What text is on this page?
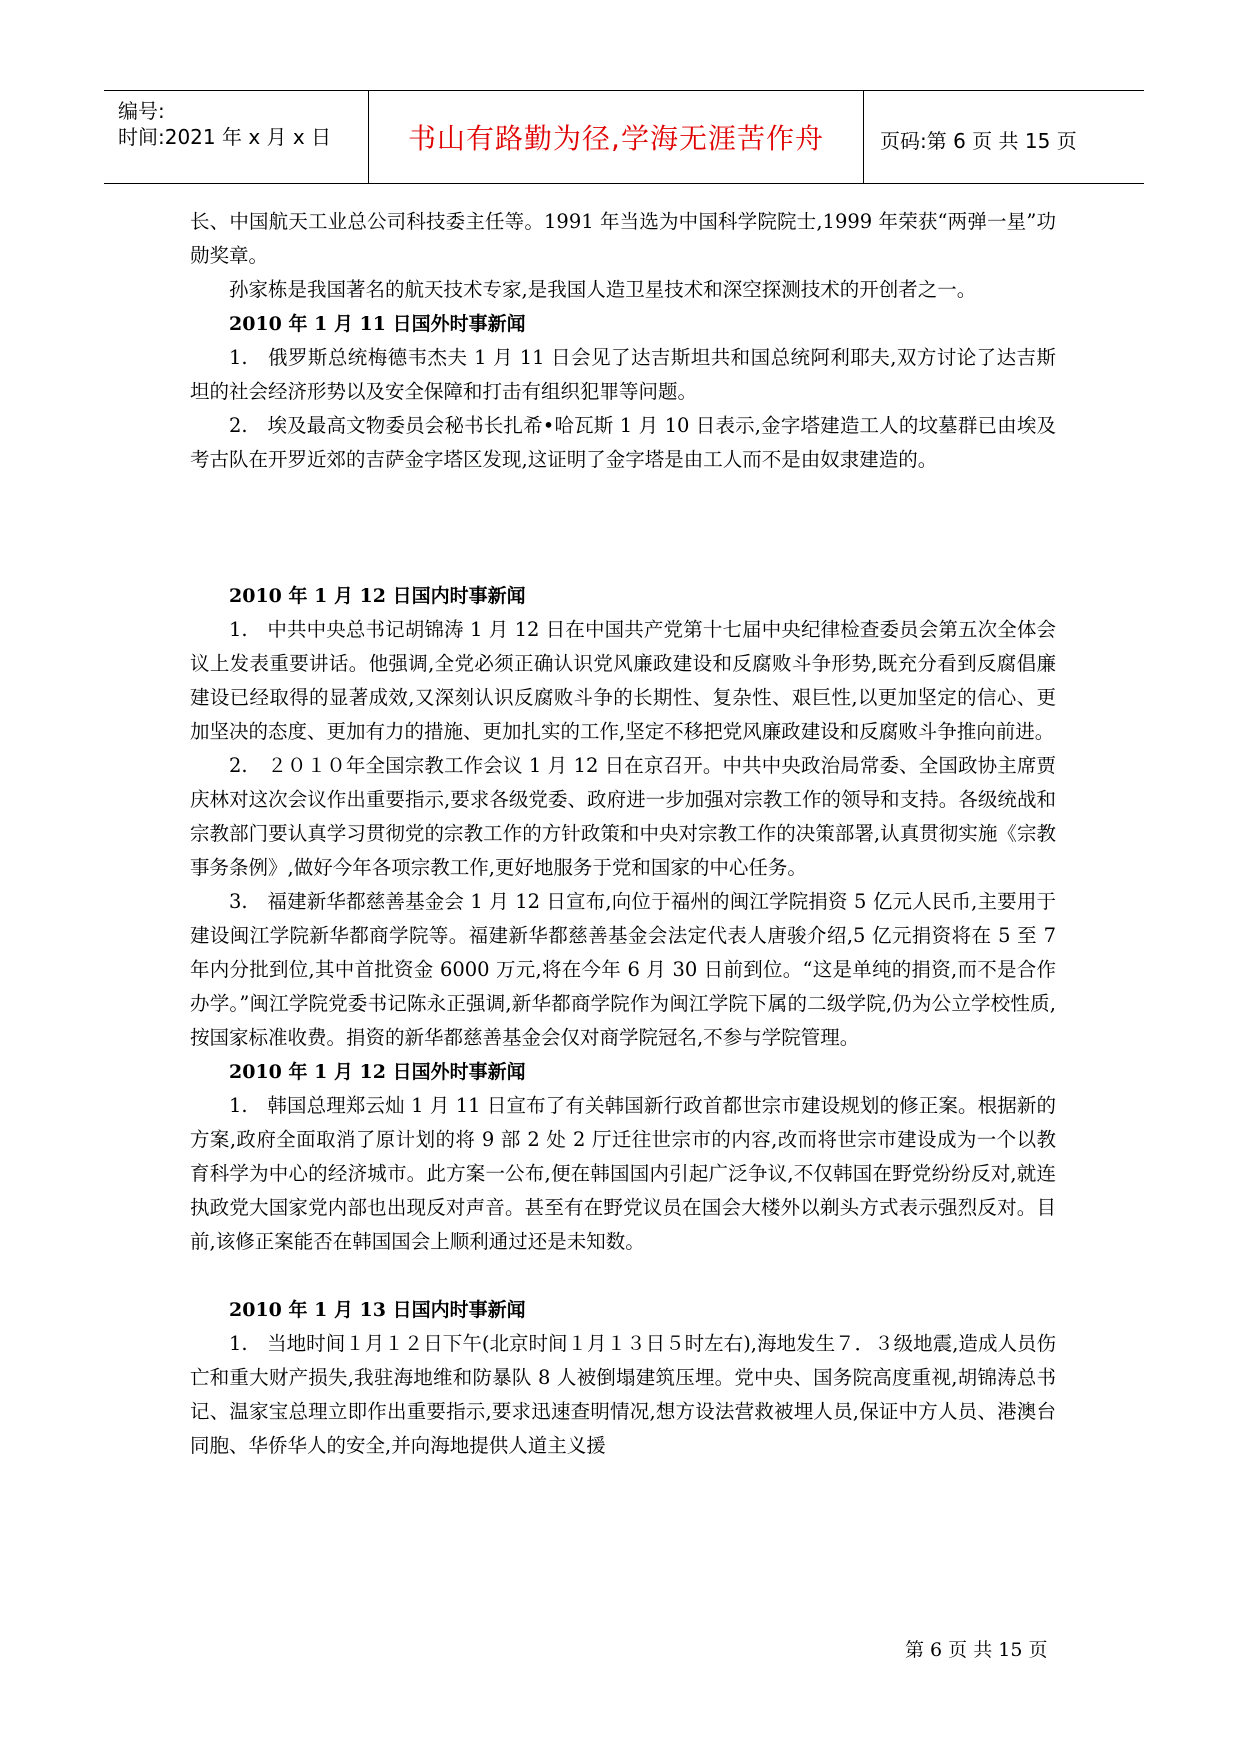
编号:
时间:2021 年 x 月 x 日	书山有路勤为径,学海无涯苦作舟	页码:第 6 页 共 15 页

长、中国航天工业总公司科技委主任等。1991 年当选为中国科学院院士,1999 年荣获“两弹一星”功勋奖章。

孙家栋是我国著名的航天技术专家,是我国人造卫星技术和深空探测技术的开创者之一。

2010 年 1 月 11 日国外时事新闻

1.　俄罗斯总统梅德韦杰夫 1 月 11 日会见了达吉斯坦共和国总统阿利耶夫,双方讨论了达吉斯坦的社会经济形势以及安全保障和打击有组织犯罪等问题。

2.　埃及最高文物委员会秘书长扎希•哈瓦斯 1 月 10 日表示,金字塔建造工人的坟墓群已由埃及考古队在开罗近郊的吉萨金字塔区发现,这证明了金字塔是由工人而不是由奴隶建造的。

2010 年 1 月 12 日国内时事新闻

1.　中共中央总书记胡锦涛 1 月 12 日在中国共产党第十七届中央纪律检查委员会第五次全体会议上发表重要讲话。他强调,全党必须正确认识党风廉政建设和反腐败斗争形势,既充分看到反腐倡廉建设已经取得的显著成效,又深刻认识反腐败斗争的长期性、复杂性、艰巨性,以更加坚定的信心、更加坚决的态度、更加有力的措施、更加扎实的工作,坚定不移把党风廉政建设和反腐败斗争推向前进。

2.　２０１０年全国宗教工作会议 1 月 12 日在京召开。中共中央政治局常委、全国政协主席贾庆林对这次会议作出重要指示,要求各级党委、政府进一步加强对宗教工作的领导和支持。各级统战和宗教部门要认真学习贯彻党的宗教工作的方针政策和中央对宗教工作的决策部署,认真贯彻实施《宗教事务条例》,做好今年各项宗教工作,更好地服务于党和国家的中心任务。

3.　福建新华都慈善基金会 1 月 12 日宣布,向位于福州的闽江学院捐资 5 亿元人民币,主要用于建设闽江学院新华都商学院等。福建新华都慈善基金会法定代表人唐骏介绍,5 亿元捐资将在 5 至 7 年内分批到位,其中首批资金 6000 万元,将在今年 6 月 30 日前到位。“这是单纯的捐资,而不是合作办学。”闽江学院党委书记陈永正强调,新华都商学院作为闽江学院下属的二级学院,仍为公立学校性质,按国家标准收费。捐资的新华都慈善基金会仅对商学院冠名,不参与学院管理。

2010 年 1 月 12 日国外时事新闻

1.　韩国总理郑云灿 1 月 11 日宣布了有关韩国新行政首都世宗市建设规划的修正案。根据新的方案,政府全面取消了原计划的将 9 部 2 处 2 厅迁往世宗市的内容,改而将世宗市建设成为一个以教育科学为中心的经济城市。此方案一公布,便在韩国国内引起广泛争议,不仅韩国在野党纷纷反对,就连执政党大国家党内部也出现反对声音。甚至有在野党议员在国会大楼外以剃头方式表示强烈反对。目前,该修正案能否在韩国国会上顺利通过还是未知数。

2010 年 1 月 13 日国内时事新闻

1.　当地时间１月１２日下午(北京时间１月１３日５时左右),海地发生７．３级地震,造成人员伤亡和重大财产损失,我驻海地维和防暴队 8 人被倒塌建筑压埋。党中央、国务院高度重视,胡锦涛总书记、温家宝总理立即作出重要指示,要求迅速查明情况,想方设法营救被埋人员,保证中方人员、港澳台同胞、华侨华人的安全,并向海地提供人道主义援

第 6 页 共 15 页
